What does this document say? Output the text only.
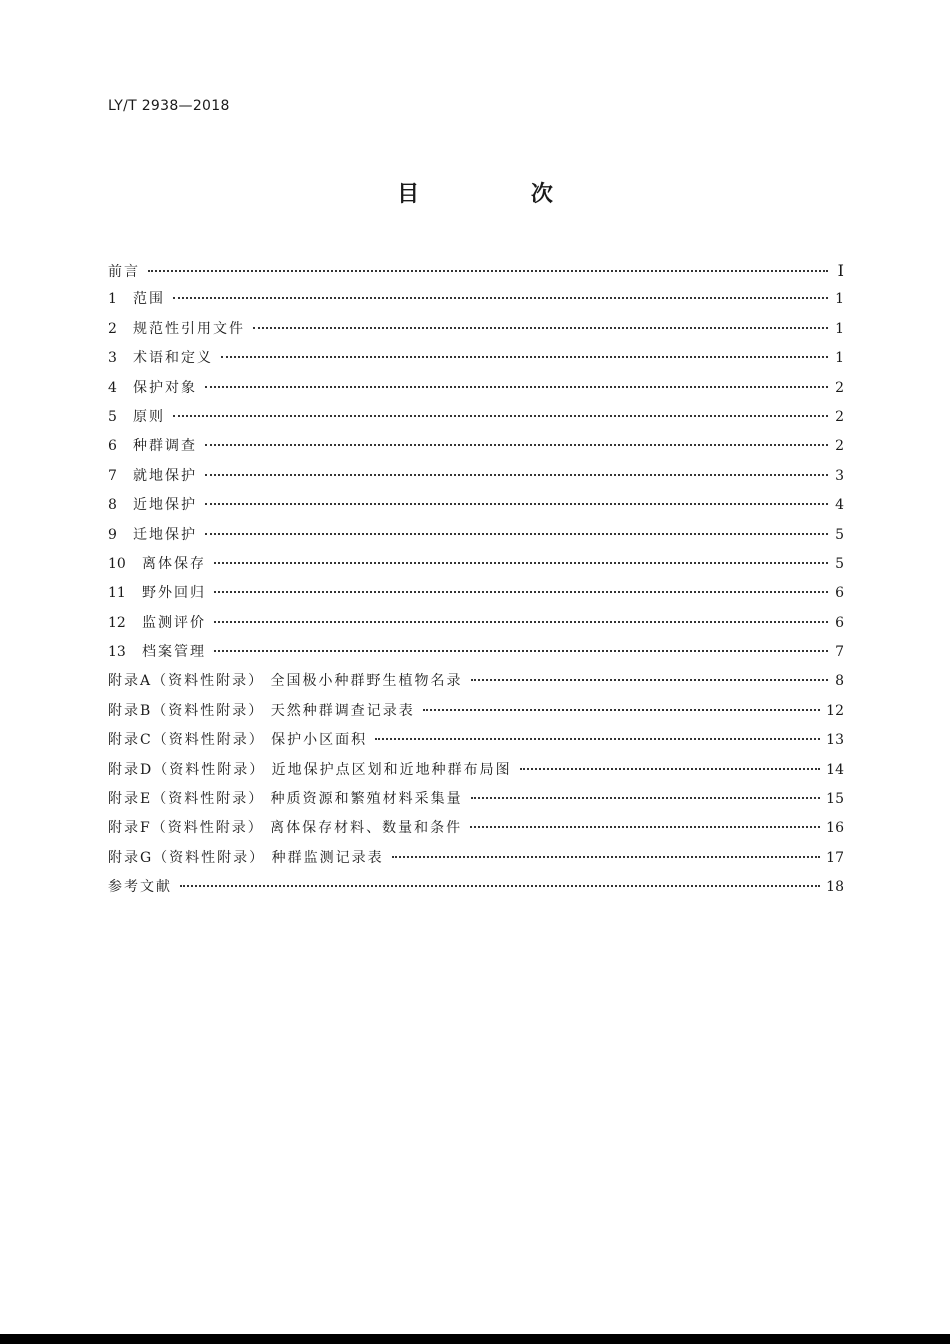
LY/T 2938—2018
目 次
前言	Ⅰ
1	范围	1
2	规范性引用文件	1
3	术语和定义	1
4	保护对象	2
5	原则	2
6	种群调查	2
7	就地保护	3
8	近地保护	4
9	迁地保护	5
10	离体保存	5
11	野外回归	6
12	监测评价	6
13	档案管理	7
附录A（资料性附录） 全国极小种群野生植物名录	8
附录B（资料性附录） 天然种群调查记录表	12
附录C（资料性附录） 保护小区面积	13
附录D（资料性附录） 近地保护点区划和近地种群布局图	14
附录E（资料性附录） 种质资源和繁殖材料采集量	15
附录F（资料性附录） 离体保存材料、数量和条件	16
附录G（资料性附录） 种群监测记录表	17
参考文献	18
